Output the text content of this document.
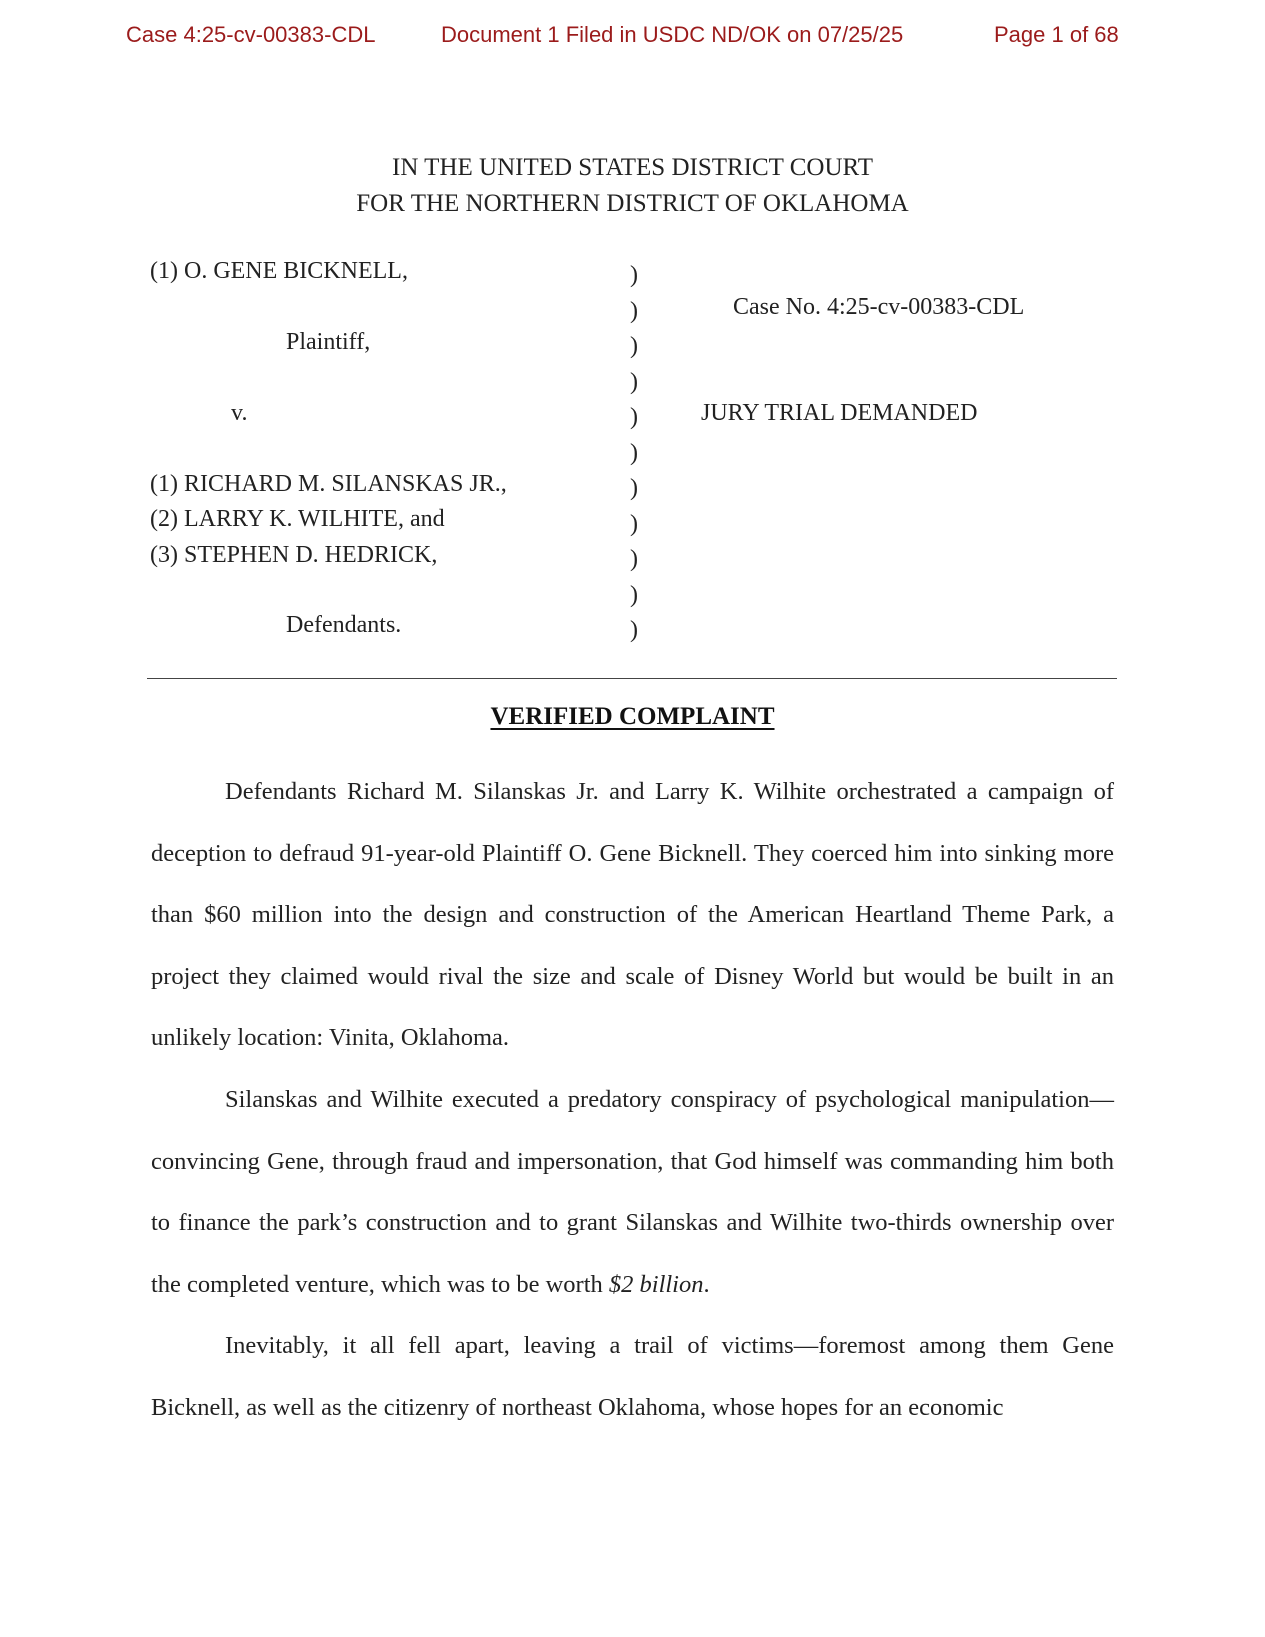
Case 4:25-cv-00383-CDL	Document 1 Filed in USDC ND/OK on 07/25/25	Page 1 of 68
IN THE UNITED STATES DISTRICT COURT
FOR THE NORTHERN DISTRICT OF OKLAHOMA
(1) O. GENE BICKNELL,
Plaintiff,
v.
(1) RICHARD M. SILANSKAS JR.,
(2) LARRY K. WILHITE, and
(3) STEPHEN D. HEDRICK,
Defendants.
)
)
)
)
)
)
)
)
)
)
)
Case No. 4:25-cv-00383-CDL
JURY TRIAL DEMANDED
VERIFIED COMPLAINT

Defendants Richard M. Silanskas Jr. and Larry K. Wilhite orchestrated a campaign of deception to defraud 91-year-old Plaintiff O. Gene Bicknell. They coerced him into sinking more than $60 million into the design and construction of the American Heartland Theme Park, a project they claimed would rival the size and scale of Disney World but would be built in an unlikely location: Vinita, Oklahoma.

Silanskas and Wilhite executed a predatory conspiracy of psychological manipulation—convincing Gene, through fraud and impersonation, that God himself was commanding him both to finance the park’s construction and to grant Silanskas and Wilhite two-thirds ownership over the completed venture, which was to be worth $2 billion.

Inevitably, it all fell apart, leaving a trail of victims—foremost among them Gene Bicknell, as well as the citizenry of northeast Oklahoma, whose hopes for an economic
